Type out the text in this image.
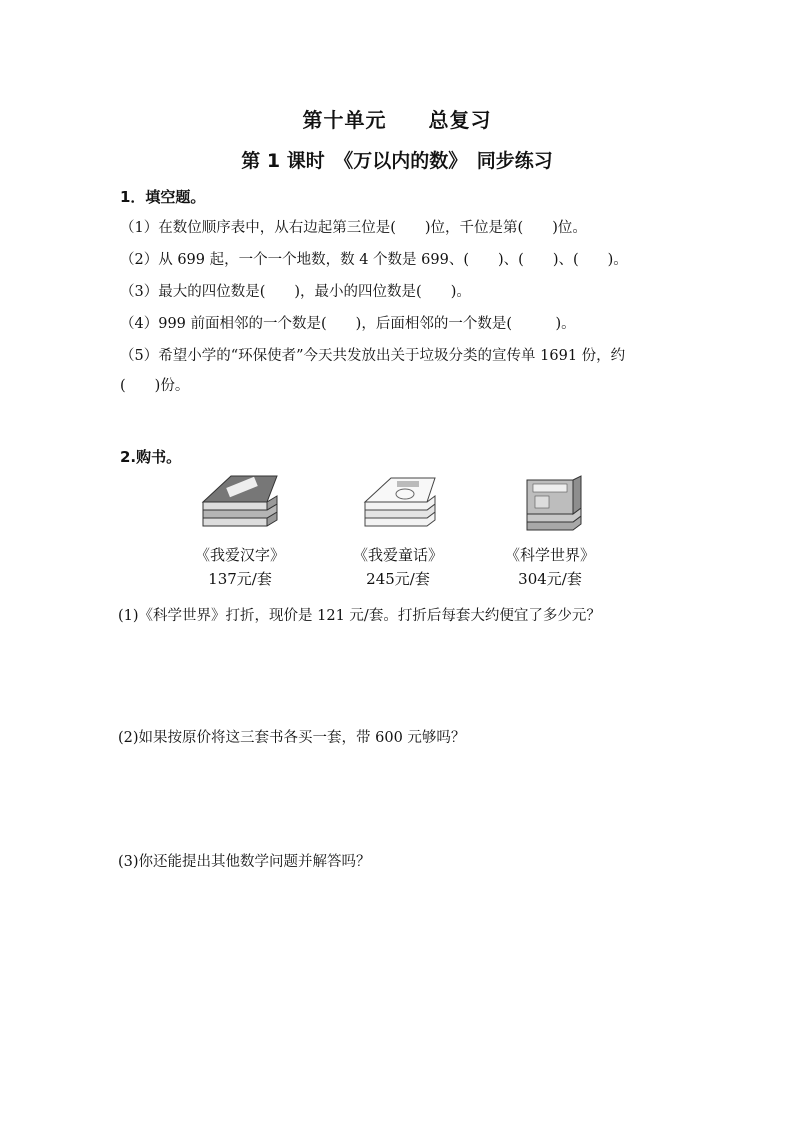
第十单元　　总复习
第 1 课时　《万以内的数》　同步练习
1．填空题。
（1）在数位顺序表中，从右边起第三位是(　　)位，千位是第(　　)位。
（2）从 699 起，一个一个地数，数 4 个数是 699、(　　)、(　　)、(　　)。
（3）最大的四位数是(　　)，最小的四位数是(　　)。
（4）999 前面相邻的一个数是(　　)，后面相邻的一个数是(　　　)。
（5）希望小学的“环保使者”今天共发放出关于垃圾分类的宣传单 1691 份，约
(　　)份。
2.购书。
《我爱汉字》
137元/套
《我爱童话》
245元/套
《科学世界》
304元/套
(1)《科学世界》打折，现价是 121 元/套。打折后每套大约便宜了多少元？
(2)如果按原价将这三套书各买一套，带 600 元够吗？
(3)你还能提出其他数学问题并解答吗？
